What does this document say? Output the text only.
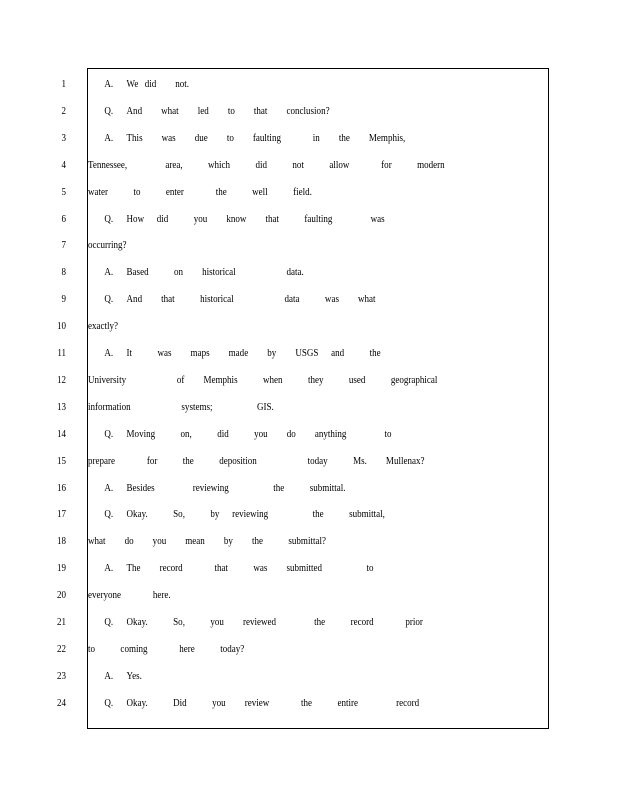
1
2
3
4
5
6
7
8
9
10
11
12
13
14
15
16
17
18
19
20
21
22
23
24
A. We did   not.
Q. And   what   led   to   that   conclusion?
A. This   was   due   to   faulting     in   the   Memphis,
Tennessee,      area,    which    did    not    allow     for    modern
water    to    enter     the    well    field.
Q. How  did    you   know   that    faulting      was
occurring?
A. Based    on   historical        data.
Q. And   that    historical        data    was   what
exactly?
A. It    was   maps   made   by   USGS  and    the
University        of   Memphis    when    they    used    geographical
information        systems;       GIS.
Q. Moving    on,    did    you   do   anything      to
prepare     for    the    deposition        today    Ms.   Mullenax?
A. Besides      reviewing       the    submittal.
Q. Okay.    So,    by  reviewing       the    submittal,
what   do   you   mean   by   the    submittal?
A. The   record     that    was   submitted       to
everyone     here.
Q. Okay.    So,    you   reviewed      the    record     prior
to    coming     here    today?
A. Yes.
Q. Okay.    Did    you   review     the    entire      record
